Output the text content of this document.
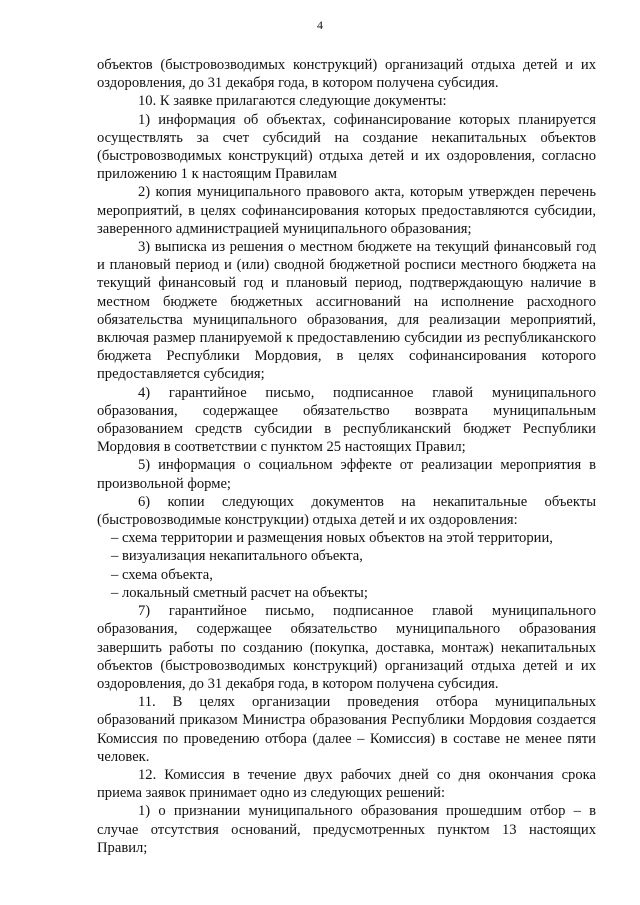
4

объектов (быстровозводимых конструкций) организаций отдыха детей и их оздоровления, до 31 декабря года, в котором получена субсидия.

10. К заявке прилагаются следующие документы:

1) информация об объектах, софинансирование которых планируется осуществлять за счет субсидий на создание некапитальных объектов (быстровозводимых конструкций) отдыха детей и их оздоровления, согласно приложению 1 к настоящим Правилам

2) копия муниципального правового акта, которым утвержден перечень мероприятий, в целях софинансирования которых предоставляются субсидии, заверенного администрацией муниципального образования;

3) выписка из решения о местном бюджете на текущий финансовый год и плановый период и (или) сводной бюджетной росписи местного бюджета на текущий финансовый год и плановый период, подтверждающую наличие в местном бюджете бюджетных ассигнований на исполнение расходного обязательства муниципального образования, для реализации мероприятий, включая размер планируемой к предоставлению субсидии из республиканского бюджета Республики Мордовия, в целях софинансирования которого предоставляется субсидия;

4) гарантийное письмо, подписанное главой муниципального образования, содержащее обязательство возврата муниципальным образованием средств субсидии в республиканский бюджет Республики Мордовия в соответствии с пунктом 25 настоящих Правил;

5) информация о социальном эффекте от реализации мероприятия в произвольной форме;

6) копии следующих документов на некапитальные объекты (быстровозводимые конструкции) отдыха детей и их оздоровления:

– схема территории и размещения новых объектов на этой территории,

– визуализация некапитального объекта,

– схема объекта,

– локальный сметный расчет на объекты;

7) гарантийное письмо, подписанное главой муниципального образования, содержащее обязательство муниципального образования завершить работы по созданию (покупка, доставка, монтаж) некапитальных объектов (быстровозводимых конструкций) организаций отдыха детей и их оздоровления, до 31 декабря года, в котором получена субсидия.

11. В целях организации проведения отбора муниципальных образований приказом Министра образования Республики Мордовия создается Комиссия по проведению отбора (далее – Комиссия) в составе не менее пяти человек.

12. Комиссия в течение двух рабочих дней со дня окончания срока приема заявок принимает одно из следующих решений:

1) о признании муниципального образования прошедшим отбор – в случае отсутствия оснований, предусмотренных пунктом 13 настоящих Правил;
